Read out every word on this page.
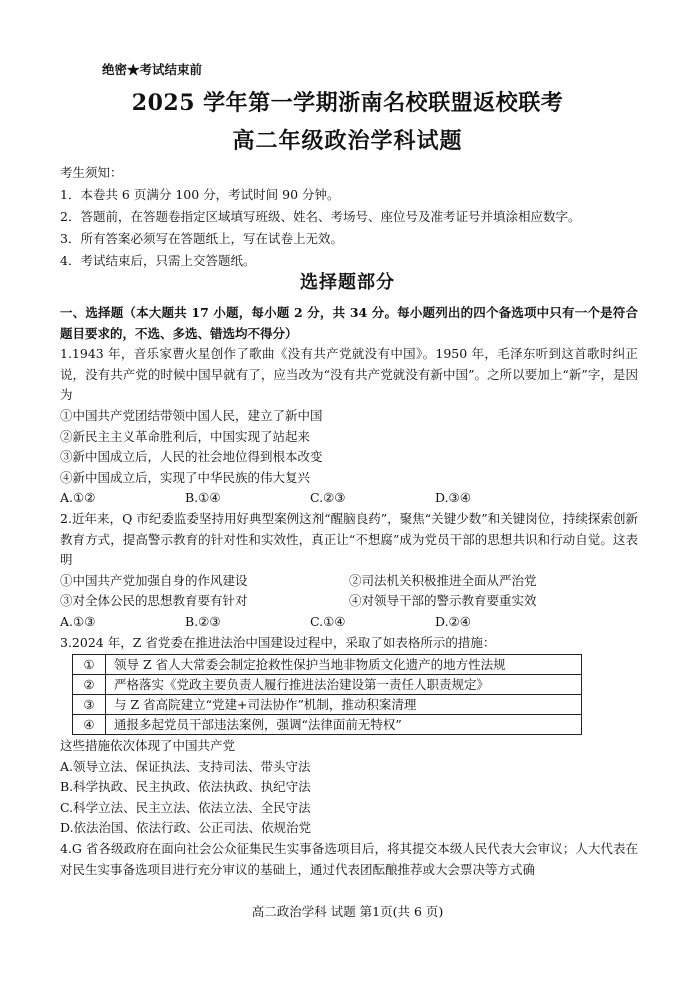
绝密★考试结束前
2025 学年第一学期浙南名校联盟返校联考
高二年级政治学科试题
考生须知：
1．本卷共 6 页满分 100 分，考试时间 90 分钟。
2．答题前，在答题卷指定区域填写班级、姓名、考场号、座位号及准考证号并填涂相应数字。
3．所有答案必须写在答题纸上，写在试卷上无效。
4．考试结束后，只需上交答题纸。
选择题部分

一、选择题（本大题共 17 小题，每小题 2 分，共 34 分。每小题列出的四个备选项中只有一个是符合题目要求的，不选、多选、错选均不得分）

1.1943 年，音乐家曹火星创作了歌曲《没有共产党就没有中国》。1950 年，毛泽东听到这首歌时纠正说，没有共产党的时候中国早就有了，应当改为“没有共产党就没有新中国”。之所以要加上“新”字，是因为

①中国共产党团结带领中国人民，建立了新中国

②新民主主义革命胜利后，中国实现了站起来

③新中国成立后，人民的社会地位得到根本改变

④新中国成立后，实现了中华民族的伟大复兴

A.①②	B.①④	C.②③	D.③④

2.近年来，Q 市纪委监委坚持用好典型案例这剂“醒脑良药”，聚焦“关键少数”和关键岗位，持续探索创新教育方式，提高警示教育的针对性和实效性，真正让“不想腐”成为党员干部的思想共识和行动自觉。这表明

①中国共产党加强自身的作风建设	②司法机关积极推进全面从严治党
③对全体公民的思想教育要有针对	④对领导干部的警示教育要重实效
A.①③	B.②③	C.①④	D.②④

3.2024 年，Z 省党委在推进法治中国建设过程中，采取了如表格所示的措施：

①	领导 Z 省人大常委会制定抢救性保护当地非物质文化遗产的地方性法规
②	严格落实《党政主要负责人履行推进法治建设第一责任人职责规定》
③	与 Z 省高院建立“党建+司法协作”机制，推动积案清理
④	通报多起党员干部违法案例，强调“法律面前无特权”

这些措施依次体现了中国共产党

A.领导立法、保证执法、支持司法、带头守法

B.科学执政、民主执政、依法执政、执纪守法

C.科学立法、民主立法、依法立法、全民守法

D.依法治国、依法行政、公正司法、依规治党

4.G 省各级政府在面向社会公众征集民生实事备选项目后，将其提交本级人民代表大会审议；人大代表在对民生实事备选项目进行充分审议的基础上，通过代表团酝酿推荐或大会票决等方式确

高二政治学科 试题 第1页(共 6 页)
